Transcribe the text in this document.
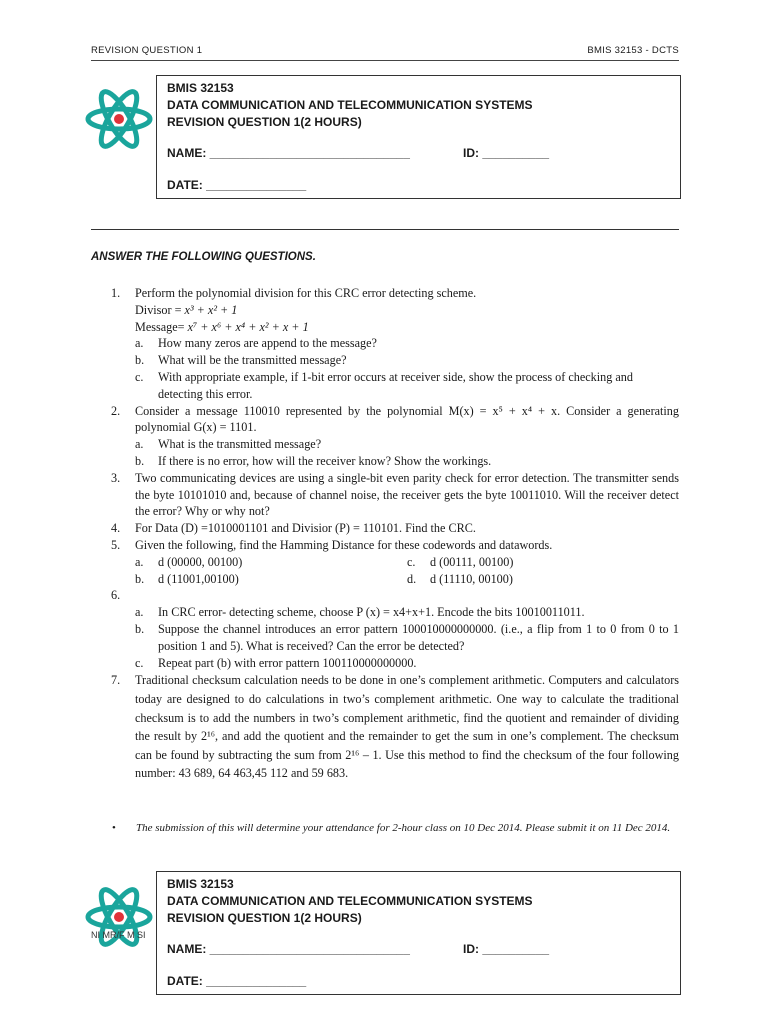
REVISION QUESTION 1	BMIS 32153 - DCTS
BMIS 32153
DATA COMMUNICATION AND TELECOMMUNICATION SYSTEMS
REVISION QUESTION 1(2 HOURS)
NAME: ______________________________	ID: __________
DATE: _______________
ANSWER THE FOLLOWING QUESTIONS.
1. Perform the polynomial division for this CRC error detecting scheme.
Divisor = x³ + x² + 1
Message= x⁷ + x⁶ + x⁴ + x² + x + 1
a. How many zeros are append to the message?
b. What will be the transmitted message?
c. With appropriate example, if 1-bit error occurs at receiver side, show the process of checking and detecting this error.
2. Consider a message 110010 represented by the polynomial M(x) = x⁵ + x⁴ + x. Consider a generating polynomial G(x) = 1101.
a. What is the transmitted message?
b. If there is no error, how will the receiver know? Show the workings.
3. Two communicating devices are using a single-bit even parity check for error detection. The transmitter sends the byte 10101010 and, because of channel noise, the receiver gets the byte 10011010. Will the receiver detect the error? Why or why not?
4. For Data (D) =1010001101 and Divisior (P) = 110101. Find the CRC.
5. Given the following, find the Hamming Distance for these codewords and datawords.
a. d (00000, 00100)	c. d (00111, 00100)
b. d (11001,00100)	d. d (11110, 00100)
6.
a. In CRC error- detecting scheme, choose P (x) = x4+x+1. Encode the bits 10010011011.
b. Suppose the channel introduces an error pattern 100010000000000. (i.e., a flip from 1 to 0 from 0 to 1 position 1 and 5). What is received? Can the error be detected?
c. Repeat part (b) with error pattern 100110000000000.
7. Traditional checksum calculation needs to be done in one’s complement arithmetic. Computers and calculators today are designed to do calculations in two’s complement arithmetic. One way to calculate the traditional checksum is to add the numbers in two’s complement arithmetic, find the quotient and remainder of dividing the result by 2¹⁶, and add the quotient and the remainder to get the sum in one’s complement. The checksum can be found by subtracting the sum from 2¹⁶ – 1. Use this method to find the checksum of the four following number: 43 689, 64 463,45 112 and 59 683.
• The submission of this will determine your attendance for 2-hour class on 10 Dec 2014. Please submit it on 11 Dec 2014.
NI MR/F M SI
BMIS 32153
DATA COMMUNICATION AND TELECOMMUNICATION SYSTEMS
REVISION QUESTION 1(2 HOURS)
NAME: ______________________________	ID: __________
DATE: _______________
